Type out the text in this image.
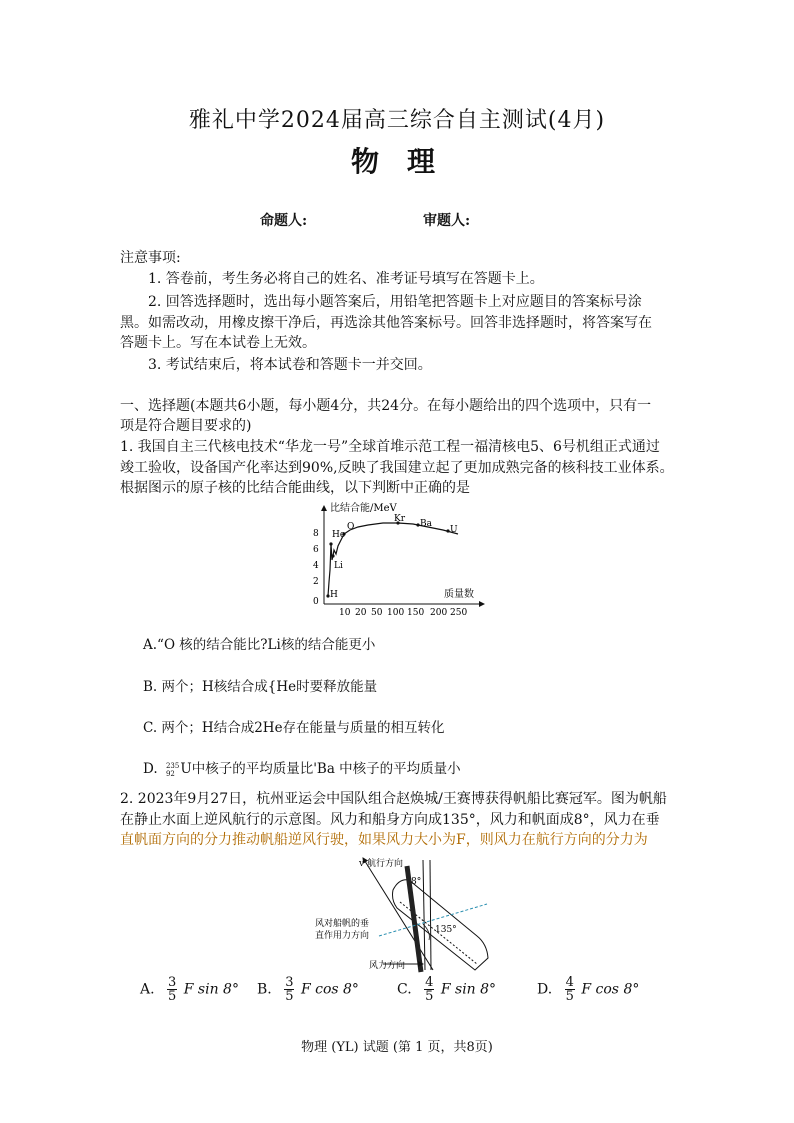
雅礼中学2024届高三综合自主测试(4月)
物理
命题人:	审题人:
注意事项:
1. 答卷前，考生务必将自己的姓名、准考证号填写在答题卡上。
2. 回答选择题时，选出每小题答案后，用铅笔把答题卡上对应题目的答案标号涂
黑。如需改动，用橡皮擦干净后，再选涂其他答案标号。回答非选择题时，将答案写在
答题卡上。写在本试卷上无效。
3. 考试结束后，将本试卷和答题卡一并交回。
一、选择题(本题共6小题，每小题4分，共24分。在每小题给出的四个选项中，只有一
项是符合题目要求的)
1. 我国自主三代核电技术“华龙一号”全球首堆示范工程一福清核电5、6号机组正式通过
竣工验收，设备国产化率达到90%,反映了我国建立起了更加成熟完备的核科技工业体系。
根据图示的原子核的比结合能曲线，以下判断中正确的是
比结合能/MeV
质量数
8
6
4
2
0
10 20 50 100 150 200 250
H
He
Li
O
Kr Ba
U
A.“O 核的结合能比?Li核的结合能更小
B. 两个；H核结合成{He时要释放能量
C. 两个；H结合成2He存在能量与质量的相互转化
D. 235
92 U中核子的平均质量比'Ba 中核子的平均质量小
2. 2023年9月27日，杭州亚运会中国队组合赵焕城/王赛博获得帆船比赛冠军。图为帆船
在静止水面上逆风航行的示意图。风力和船身方向成135°，风力和帆面成8°，风力在垂
直帆面方向的分力推动帆船逆风行驶，如果风力大小为F，则风力在航行方向的分力为
v 航行方向
8°
135°
风对船帆的垂
直作用力方向
风力方向
A. $\frac{3}{5}$ F sin 8° B. $\frac{3}{5}$ F cos 8°	C. $\frac{4}{5}$ F sin 8°	D. $\frac{4}{5}$ F cos 8°
物理 (YL) 试题 (第 1 页，共8页)
